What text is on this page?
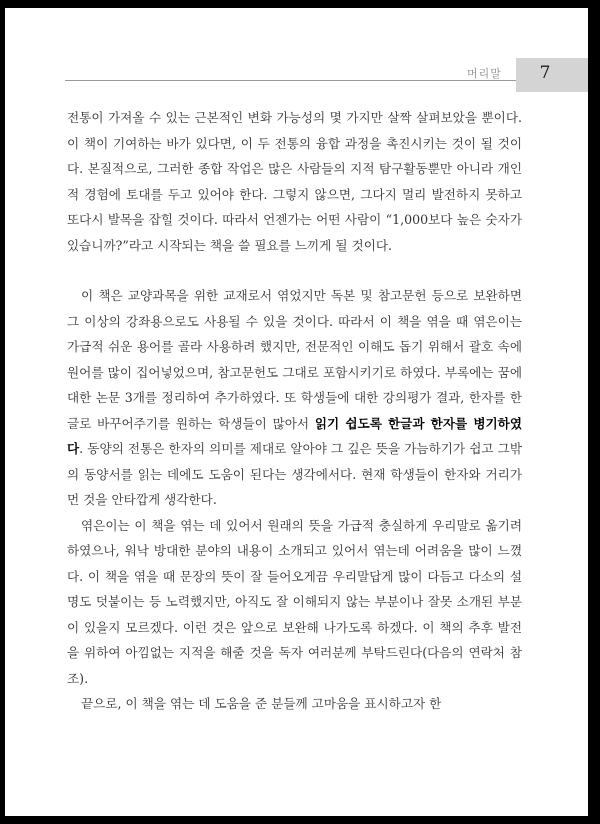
머리말 7

전통이 가져올 수 있는 근본적인 변화 가능성의 몇 가지만 살짝 살펴보았을 뿐이다. 이 책이 기여하는 바가 있다면, 이 두 전통의 융합 과정을 촉진시키는 것이 될 것이다. 본질적으로, 그러한 종합 작업은 많은 사람들의 지적 탐구활동뿐만 아니라 개인적 경험에 토대를 두고 있어야 한다. 그렇지 않으면, 그다지 멀리 발전하지 못하고 또다시 발목을 잡힐 것이다. 따라서 언젠가는 어떤 사람이 “1,000보다 높은 숫자가 있습니까?”라고 시작되는 책을 쓸 필요를 느끼게 될 것이다.

이 책은 교양과목을 위한 교재로서 엮었지만 독본 및 참고문헌 등으로 보완하면 그 이상의 강좌용으로도 사용될 수 있을 것이다. 따라서 이 책을 엮을 때 엮은이는 가급적 쉬운 용어를 골라 사용하려 했지만, 전문적인 이해도 돕기 위해서 괄호 속에 원어를 많이 집어넣었으며, 참고문헌도 그대로 포함시키기로 하였다. 부록에는 꿈에 대한 논문 3개를 정리하여 추가하였다. 또 학생들에 대한 강의평가 결과, 한자를 한글로 바꾸어주기를 원하는 학생들이 많아서 읽기 쉽도록 한글과 한자를 병기하였다. 동양의 전통은 한자의 의미를 제대로 알아야 그 깊은 뜻을 가늠하기가 쉽고 그밖의 동양서를 읽는 데에도 도움이 된다는 생각에서다. 현재 학생들이 한자와 거리가 먼 것을 안타깝게 생각한다.

엮은이는 이 책을 엮는 데 있어서 원래의 뜻을 가급적 충실하게 우리말로 옮기려 하였으나, 워낙 방대한 분야의 내용이 소개되고 있어서 엮는데 어려움을 많이 느꼈다. 이 책을 엮을 때 문장의 뜻이 잘 들어오게끔 우리말답게 많이 다듬고 다소의 설명도 덧붙이는 등 노력했지만, 아직도 잘 이해되지 않는 부분이나 잘못 소개된 부분이 있을지 모르겠다. 이런 것은 앞으로 보완해 나가도록 하겠다. 이 책의 추후 발전을 위하여 아낌없는 지적을 해줄 것을 독자 여러분께 부탁드린다(다음의 연락처 참조).

끝으로, 이 책을 엮는 데 도움을 준 분들께 고마움을 표시하고자 한
